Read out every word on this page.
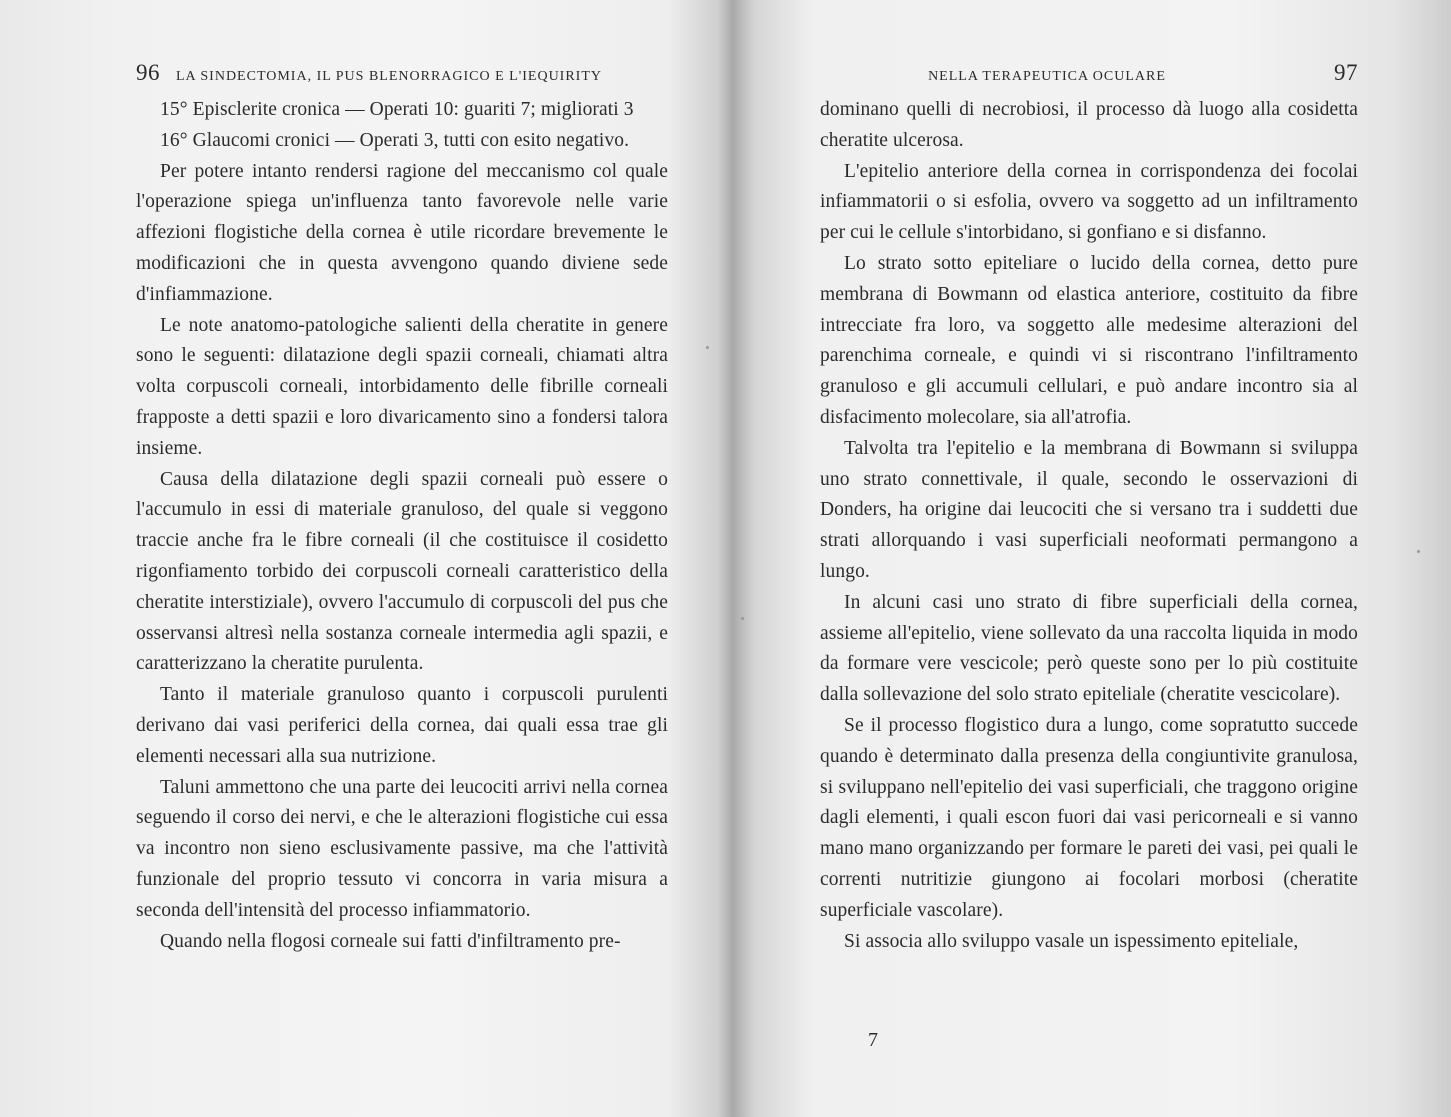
96 LA SINDECTOMIA, IL PUS BLENORRAGICO E L'IEQUIRITY

15° Episclerite cronica — Operati 10: guariti 7; migliorati 3

16° Glaucomi cronici — Operati 3, tutti con esito negativo.

Per potere intanto rendersi ragione del meccanismo col quale l'operazione spiega un'influenza tanto favorevole nelle varie affezioni flogistiche della cornea è utile ricordare brevemente le modificazioni che in questa avvengono quando diviene sede d'infiammazione.

Le note anatomo-patologiche salienti della cheratite in genere sono le seguenti: dilatazione degli spazii corneali, chiamati altra volta corpuscoli corneali, intorbidamento delle fibrille corneali frapposte a detti spazii e loro divaricamento sino a fondersi talora insieme.

Causa della dilatazione degli spazii corneali può essere o l'accumulo in essi di materiale granuloso, del quale si veggono traccie anche fra le fibre corneali (il che costituisce il cosidetto rigonfiamento torbido dei corpuscoli corneali caratteristico della cheratite interstiziale), ovvero l'accumulo di corpuscoli del pus che osservansi altresì nella sostanza corneale intermedia agli spazii, e caratterizzano la cheratite purulenta.

Tanto il materiale granuloso quanto i corpuscoli purulenti derivano dai vasi periferici della cornea, dai quali essa trae gli elementi necessari alla sua nutrizione.

Taluni ammettono che una parte dei leucociti arrivi nella cornea seguendo il corso dei nervi, e che le alterazioni flogistiche cui essa va incontro non sieno esclusivamente passive, ma che l'attività funzionale del proprio tessuto vi concorra in varia misura a seconda dell'intensità del processo infiammatorio.

Quando nella flogosi corneale sui fatti d'infiltramento pre-

NELLA TERAPEUTICA OCULARE	97

dominano quelli di necrobiosi, il processo dà luogo alla cosidetta cheratite ulcerosa.

L'epitelio anteriore della cornea in corrispondenza dei focolai infiammatorii o si esfolia, ovvero va soggetto ad un infiltramento per cui le cellule s'intorbidano, si gonfiano e si disfanno.

Lo strato sotto epiteliare o lucido della cornea, detto pure membrana di Bowmann od elastica anteriore, costituito da fibre intrecciate fra loro, va soggetto alle medesime alterazioni del parenchima corneale, e quindi vi si riscontrano l'infiltramento granuloso e gli accumuli cellulari, e può andare incontro sia al disfacimento molecolare, sia all'atrofia.

Talvolta tra l'epitelio e la membrana di Bowmann si sviluppa uno strato connettivale, il quale, secondo le osservazioni di Donders, ha origine dai leucociti che si versano tra i suddetti due strati allorquando i vasi superficiali neoformati permangono a lungo.

In alcuni casi uno strato di fibre superficiali della cornea, assieme all'epitelio, viene sollevato da una raccolta liquida in modo da formare vere vescicole; però queste sono per lo più costituite dalla sollevazione del solo strato epiteliale (cheratite vescicolare).

Se il processo flogistico dura a lungo, come sopratutto succede quando è determinato dalla presenza della congiuntivite granulosa, si sviluppano nell'epitelio dei vasi superficiali, che traggono origine dagli elementi, i quali escon fuori dai vasi pericorneali e si vanno mano mano organizzando per formare le pareti dei vasi, pei quali le correnti nutritizie giungono ai focolari morbosi (cheratite superficiale vascolare).

Si associa allo sviluppo vasale un ispessimento epiteliale,

7
